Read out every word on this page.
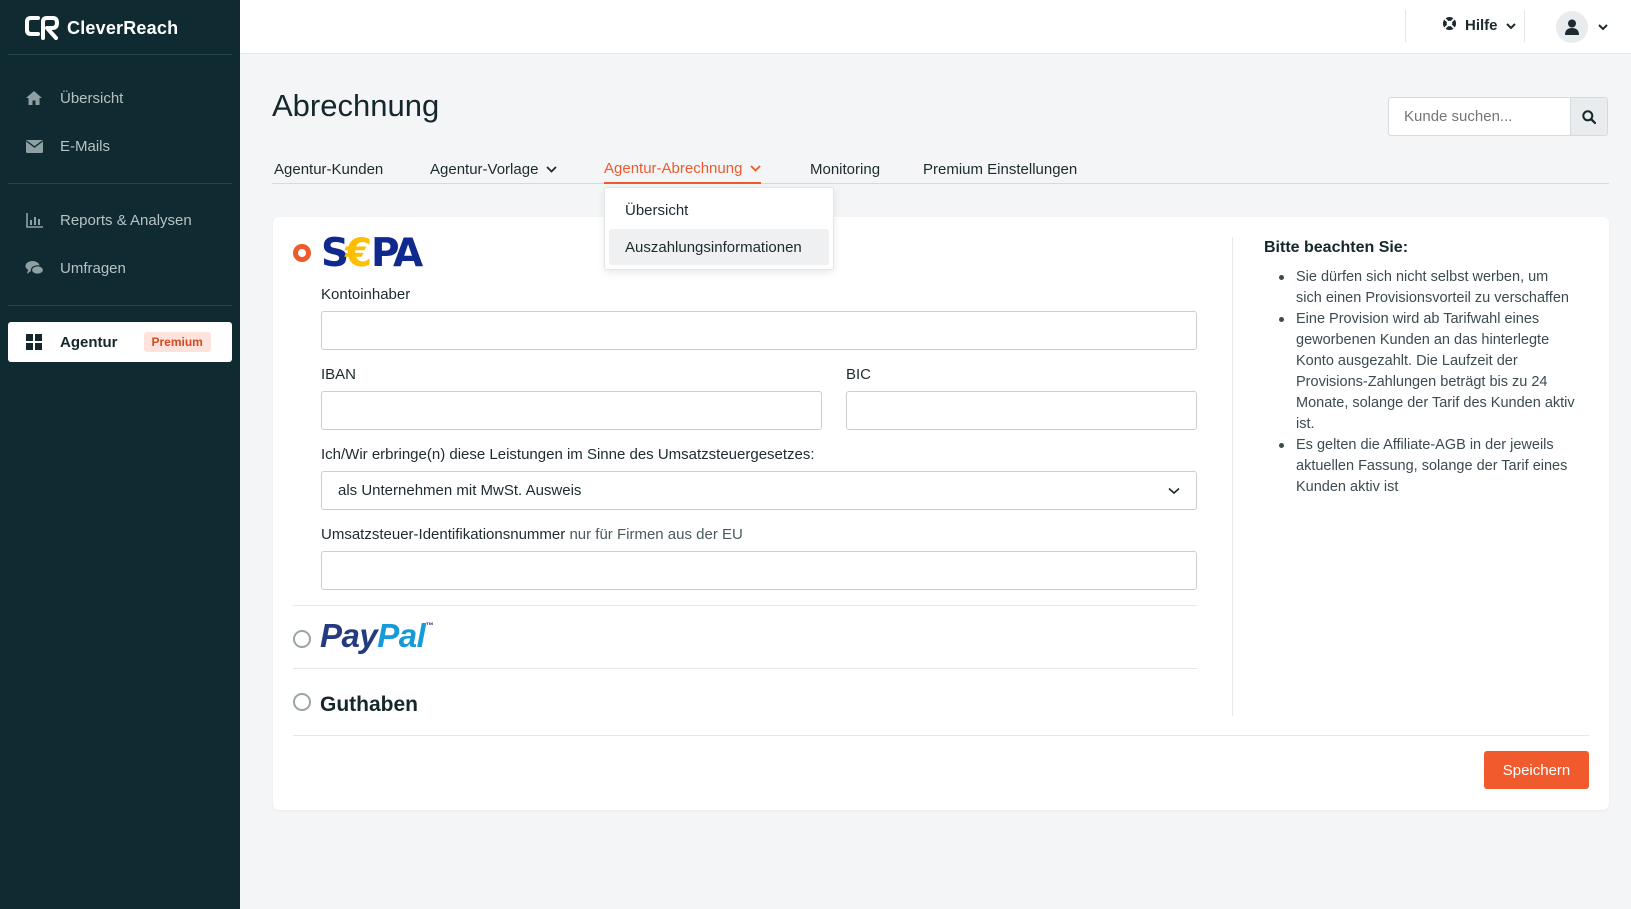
CleverReach
Übersicht
E-Mails
Reports & Analysen
Umfragen
Agentur	Premium
Hilfe
Abrechnung
Kunde suchen...
Agentur-Kunden	Agentur-Vorlage	Agentur-Abrechnung	Monitoring	Premium Einstellungen
Übersicht
Auszahlungsinformationen
S
€ PA
Kontoinhaber
IBAN	BIC
Ich/Wir erbringe(n) diese Leistungen im Sinne des Umsatzsteuergesetzes:
als Unternehmen mit MwSt. Ausweis
Umsatzsteuer-Identifikationsnummer nur für Firmen aus der EU
PayPal™
Guthaben
Bitte beachten Sie:
Sie dürfen sich nicht selbst werben, um sich einen Provisionsvorteil zu verschaffen
Eine Provision wird ab Tarifwahl eines geworbenen Kunden an das hinterlegte Konto ausgezahlt. Die Laufzeit der Provisions-Zahlungen beträgt bis zu 24 Monate, solange der Tarif des Kunden aktiv ist.
Es gelten die Affiliate-AGB in der jeweils aktuellen Fassung, solange der Tarif eines Kunden aktiv ist
Speichern
